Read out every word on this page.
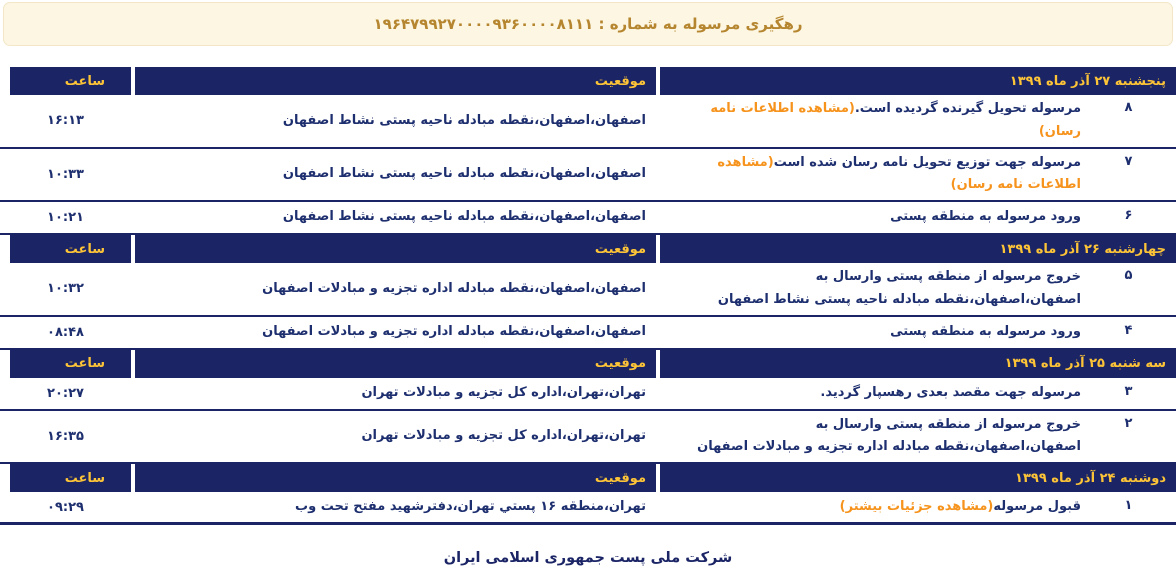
رهگیری مرسوله به شماره : ۱۹۶۴۷۹۹۲۷۰۰۰۰۹۳۶۰۰۰۰۸۱۱۱
پنجشنبه ۲۷ آذر ماه ۱۳۹۹
موقعیت
ساعت
۸
مرسوله تحویل گیرنده گردیده است.(مشاهده اطلاعات نامه رسان)
اصفهان،اصفهان،نقطه مبادله ناحیه پستی نشاط اصفهان
۱۶:۱۳
۷
مرسوله جهت توزیع تحویل نامه رسان شده است(مشاهده اطلاعات نامه رسان)
اصفهان،اصفهان،نقطه مبادله ناحیه پستی نشاط اصفهان
۱۰:۳۳
۶
ورود مرسوله به منطقه پستی
اصفهان،اصفهان،نقطه مبادله ناحیه پستی نشاط اصفهان
۱۰:۲۱
چهارشنبه ۲۶ آذر ماه ۱۳۹۹
موقعیت
ساعت
۵
خروج مرسوله از منطقه پستی وارسال به اصفهان،اصفهان،نقطه مبادله ناحیه پستی نشاط اصفهان
اصفهان،اصفهان،نقطه مبادله اداره تجزیه و مبادلات اصفهان
۱۰:۳۲
۴
ورود مرسوله به منطقه پستی
اصفهان،اصفهان،نقطه مبادله اداره تجزیه و مبادلات اصفهان
۰۸:۴۸
سه شنبه ۲۵ آذر ماه ۱۳۹۹
موقعیت
ساعت
۳
مرسوله جهت مقصد بعدی رهسپار گردید.
تهران،تهران،اداره کل تجزیه و مبادلات تهران
۲۰:۲۷
۲
خروج مرسوله از منطقه پستی وارسال به اصفهان،اصفهان،نقطه مبادله اداره تجزیه و مبادلات اصفهان
تهران،تهران،اداره کل تجزیه و مبادلات تهران
۱۶:۳۵
دوشنبه ۲۴ آذر ماه ۱۳۹۹
موقعیت
ساعت
۱
قبول مرسوله(مشاهده جزئیات بیشتر)
تهران،منطقه ۱۶ پستي تهران،دفترشهید مفتح تحت وب
۰۹:۲۹
شرکت ملی پست جمهوری اسلامی ایران
